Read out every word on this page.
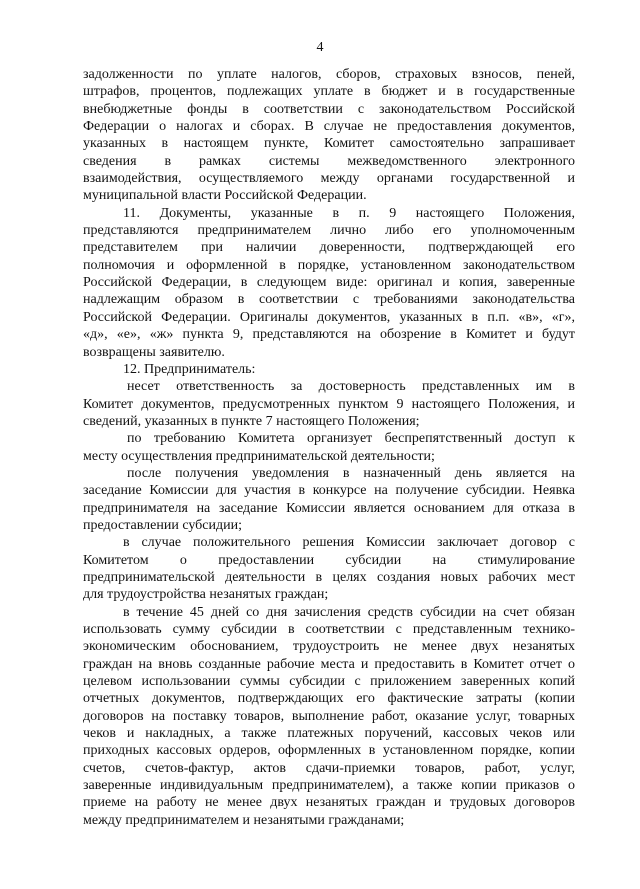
4
задолженности по уплате налогов, сборов, страховых взносов, пеней,
штрафов, процентов, подлежащих уплате в бюджет и в государственные
внебюджетные фонды в соответствии с законодательством Российской
Федерации о налогах и сборах. В случае не предоставления документов,
указанных в настоящем пункте, Комитет самостоятельно запрашивает
сведения в рамках системы межведомственного электронного
взаимодействия, осуществляемого между органами государственной и
муниципальной власти Российской Федерации.
11. Документы, указанные в п. 9 настоящего Положения,
представляются предпринимателем лично либо его уполномоченным
представителем при наличии доверенности, подтверждающей его
полномочия и оформленной в порядке, установленном законодательством
Российской Федерации, в следующем виде: оригинал и копия, заверенные
надлежащим образом в соответствии с требованиями законодательства
Российской Федерации. Оригиналы документов, указанных в п.п. «в», «г»,
«д», «е», «ж» пункта 9, представляются на обозрение в Комитет и будут
возвращены заявителю.
12. Предприниматель:
несет ответственность за достоверность представленных им в
Комитет документов, предусмотренных пунктом 9 настоящего Положения, и
сведений, указанных в пункте 7 настоящего Положения;
по требованию Комитета организует беспрепятственный доступ к
месту осуществления предпринимательской деятельности;
после получения уведомления в назначенный день является на
заседание Комиссии для участия в конкурсе на получение субсидии. Неявка
предпринимателя на заседание Комиссии является основанием для отказа в
предоставлении субсидии;
в случае положительного решения Комиссии заключает договор с
Комитетом о предоставлении субсидии на стимулирование
предпринимательской деятельности в целях создания новых рабочих мест
для трудоустройства незанятых граждан;
в течение 45 дней со дня зачисления средств субсидии на счет обязан
использовать сумму субсидии в соответствии с представленным технико-
экономическим обоснованием, трудоустроить не менее двух незанятых
граждан на вновь созданные рабочие места и предоставить в Комитет отчет о
целевом использовании суммы субсидии с приложением заверенных копий
отчетных документов, подтверждающих его фактические затраты (копии
договоров на поставку товаров, выполнение работ, оказание услуг, товарных
чеков и накладных, а также платежных поручений, кассовых чеков или
приходных кассовых ордеров, оформленных в установленном порядке, копии
счетов, счетов-фактур, актов сдачи-приемки товаров, работ, услуг,
заверенные индивидуальным предпринимателем), а также копии приказов о
приеме на работу не менее двух незанятых граждан и трудовых договоров
между предпринимателем и незанятыми гражданами;
